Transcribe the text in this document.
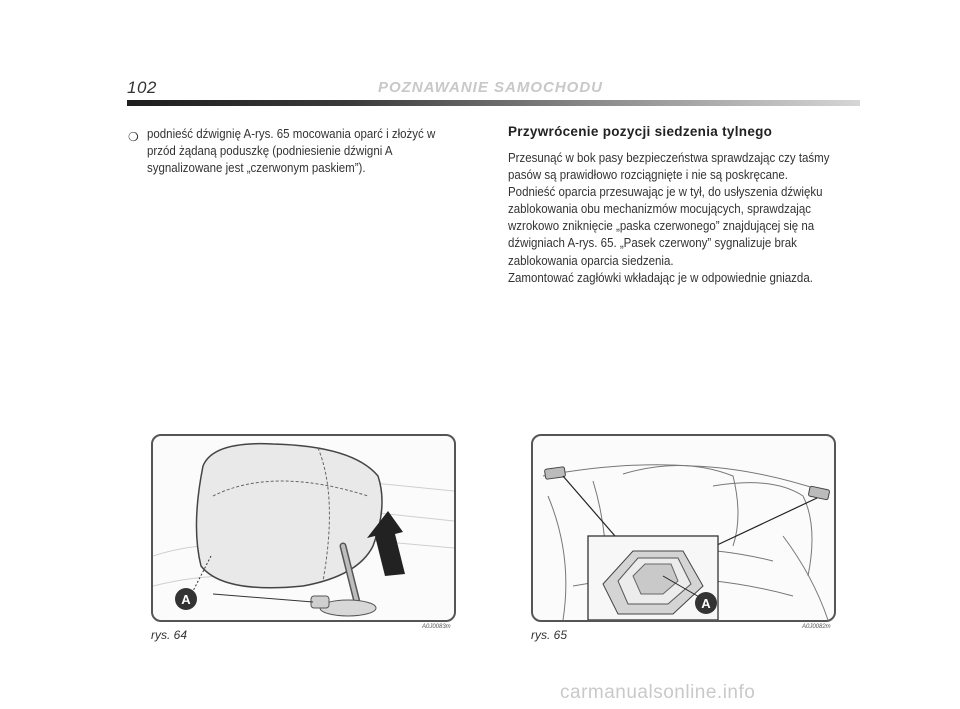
102	POZNAWANIE SAMOCHODU
❍ podnieść dźwignię A-rys. 65 mocowania oparć i złożyć w przód żądaną poduszkę (podniesienie dźwigni A sygnalizowane jest „czerwonym paskiem”).
Przywrócenie pozycji siedzenia tylnego

Przesunąć w bok pasy bezpieczeństwa sprawdzając czy taśmy pasów są prawidłowo rozciągnięte i nie są poskręcane.

Podnieść oparcia przesuwając je w tył, do usłyszenia dźwięku zablokowania obu mechanizmów mocujących, sprawdzając wzrokowo zniknięcie „paska czerwonego” znajdującej się na dźwigniach A-rys. 65. „Pasek czerwony” sygnalizuje brak zablokowania oparcia siedzenia.

Zamontować zagłówki wkładając je w odpowiednie gniazda.

A
rys. 64
A0J0083m
A
rys. 65
A0J0082m
carmanualsonline.info
